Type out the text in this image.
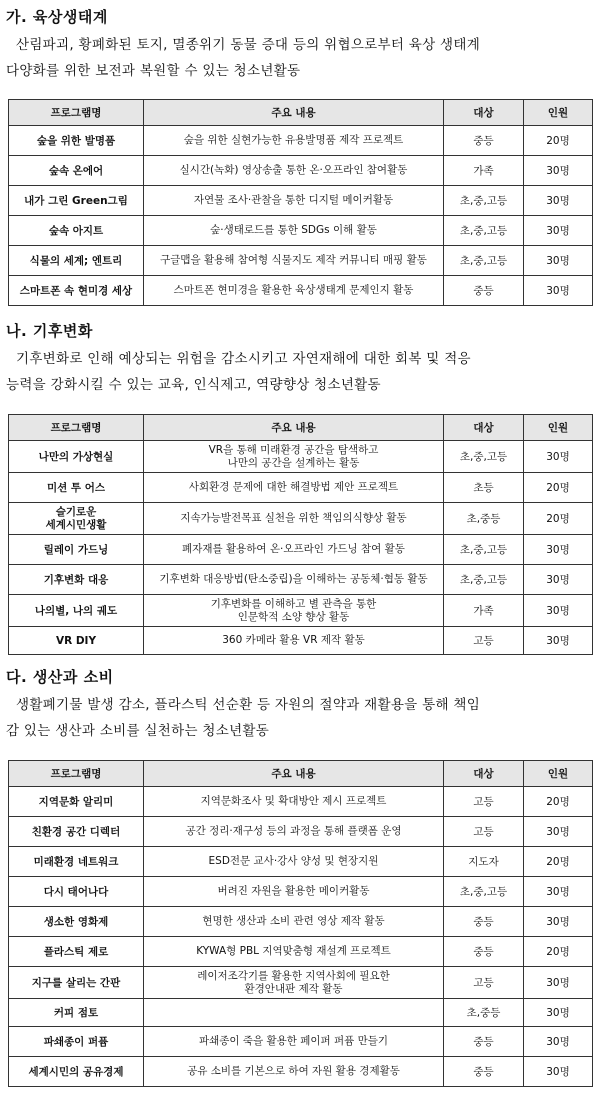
가. 육상생태계
산림파괴, 황폐화된 토지, 멸종위기 동물 증대 등의 위협으로부터 육상 생태계
다양화를 위한 보전과 복원할 수 있는 청소년활동
프로그램명	주요 내용	대상	인원
숲을 위한 발명품	숲을 위한 실현가능한 유용발명품 제작 프로젝트	중등	20명
숲속 온에어	실시간(녹화) 영상송출 통한 온·오프라인 참여활동	가족	30명
내가 그린 Green그림	자연물 조사·관찰을 통한 디지털 메이커활동	초,중,고등	30명
숲속 아지트	숲·생태로드를 통한 SDGs 이해 활동	초,중,고등	30명
식물의 세계; 엔트리	구글맵을 활용해 참여형 식물지도 제작 커뮤니티 매핑 활동	초,중,고등	30명
스마트폰 속 현미경 세상	스마트폰 현미경을 활용한 육상생태계 문제인지 활동	중등	30명
나. 기후변화
기후변화로 인해 예상되는 위험을 감소시키고 자연재해에 대한 회복 및 적응
능력을 강화시킬 수 있는 교육, 인식제고, 역량향상 청소년활동
프로그램명	주요 내용	대상	인원
나만의 가상현실	VR을 통해 미래환경 공간을 탐색하고
나만의 공간을 설계하는 활동	초,중,고등	30명
미션 투 어스	사회환경 문제에 대한 해결방법 제안 프로젝트	초등	20명

슬기로운
세계시민생활	지속가능발전목표 실천을 위한 책임의식향상 활동	초,중등	20명
릴레이 가드닝	폐자재를 활용하여 온·오프라인 가드닝 참여 활동	초,중,고등	30명
기후변화 대응	기후변화 대응방법(탄소중립)을 이해하는 공동체·협동 활동	초,중,고등	30명
나의별, 나의 궤도	기후변화를 이해하고 별 관측을 통한
인문학적 소양 향상 활동	가족	30명
VR DIY	360 카메라 활용 VR 제작 활동	고등	30명
다. 생산과 소비
생활폐기물 발생 감소, 플라스틱 선순환 등 자원의 절약과 재활용을 통해 책임
감 있는 생산과 소비를 실천하는 청소년활동
프로그램명	주요 내용	대상	인원
지역문화 알리미	지역문화조사 및 확대방안 제시 프로젝트	고등	20명
친환경 공간 디렉터	공간 정리·재구성 등의 과정을 통해 플랫폼 운영	고등	30명
미래환경 네트워크	ESD전문 교사·강사 양성 및 현장지원	지도자	20명
다시 태어나다	버려진 자원을 활용한 메이커활동	초,중,고등	30명
생소한 영화제	현명한 생산과 소비 관련 영상 제작 활동	중등	30명
플라스틱 제로	KYWA형 PBL 지역맞춤형 재설계 프로젝트	중등	20명
지구를 살리는 간판	레이저조각기를 활용한 지역사회에 필요한
환경안내판 제작 활동	고등	30명
커피 점토		초,중등	30명
파쇄종이 퍼퓸	파쇄종이 죽을 활용한 페이퍼 퍼퓸 만들기	중등	30명
세계시민의 공유경제	공유 소비를 기본으로 하여 자원 활용 경제활동	중등	30명
